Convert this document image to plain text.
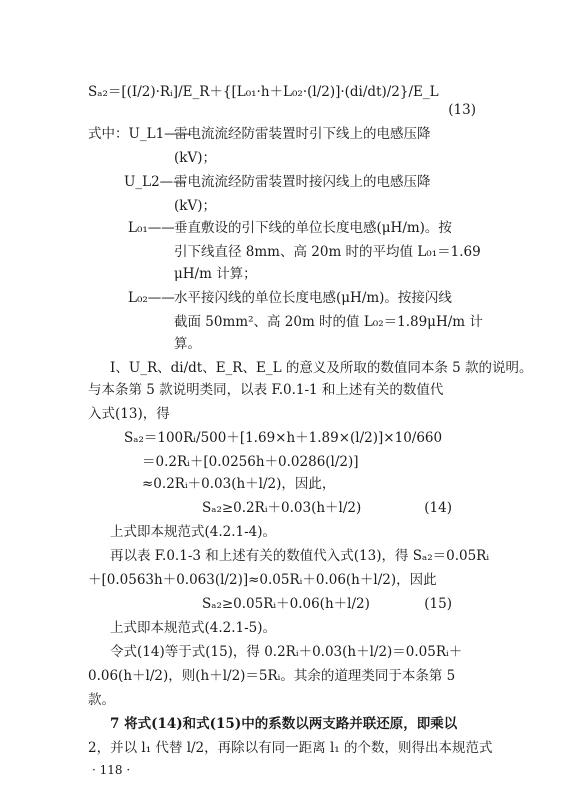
Sₐ₂＝[(I/2)·Rᵢ]/E_R＋{[L₀₁·h＋L₀₂·(l/2)]·(di/dt)/2}/E_L
(13)
式中：U_L1——
雷电流流经防雷装置时引下线上的电感压降
(kV)；
U_L2——
雷电流流经防雷装置时接闪线上的电感压降
(kV)；
L₀₁—— 垂直敷设的引下线的单位长度电感(μH/m)。按
引下线直径 8mm、高 20m 时的平均值 L₀₁＝1.69
μH/m 计算；
L₀₂—— 水平接闪线的单位长度电感(μH/m)。按接闪线
截面 50mm²、高 20m 时的值 L₀₂＝1.89μH/m 计
算。
I、U_R、di/dt、E_R、E_L 的意义及所取的数值同本条 5 款的说明。
与本条第 5 款说明类同，以表 F.0.1-1 和上述有关的数值代
入式(13)，得
Sₐ₂＝100Rᵢ/500＋[1.69×h＋1.89×(l/2)]×10/660
＝0.2Rᵢ＋[0.0256h＋0.0286(l/2)]
≈0.2Rᵢ＋0.03(h＋l/2)，因此，
Sₐ₂≥0.2Rᵢ＋0.03(h＋l/2)	(14)
上式即本规范式(4.2.1-4)。
再以表 F.0.1-3 和上述有关的数值代入式(13)，得 Sₐ₂＝0.05Rᵢ
＋[0.0563h＋0.063(l/2)]≈0.05Rᵢ＋0.06(h＋l/2)，因此
Sₐ₂≥0.05Rᵢ＋0.06(h＋l/2)	(15)
上式即本规范式(4.2.1-5)。
令式(14)等于式(15)，得 0.2Rᵢ＋0.03(h＋l/2)＝0.05Rᵢ＋
0.06(h＋l/2)，则(h＋l/2)＝5Rᵢ。其余的道理类同于本条第 5
款。
7 将式(14)和式(15)中的系数以两支路并联还原，即乘以
2，并以 l₁ 代替 l/2，再除以有同一距离 l₁ 的个数，则得出本规范式
· 118 ·
